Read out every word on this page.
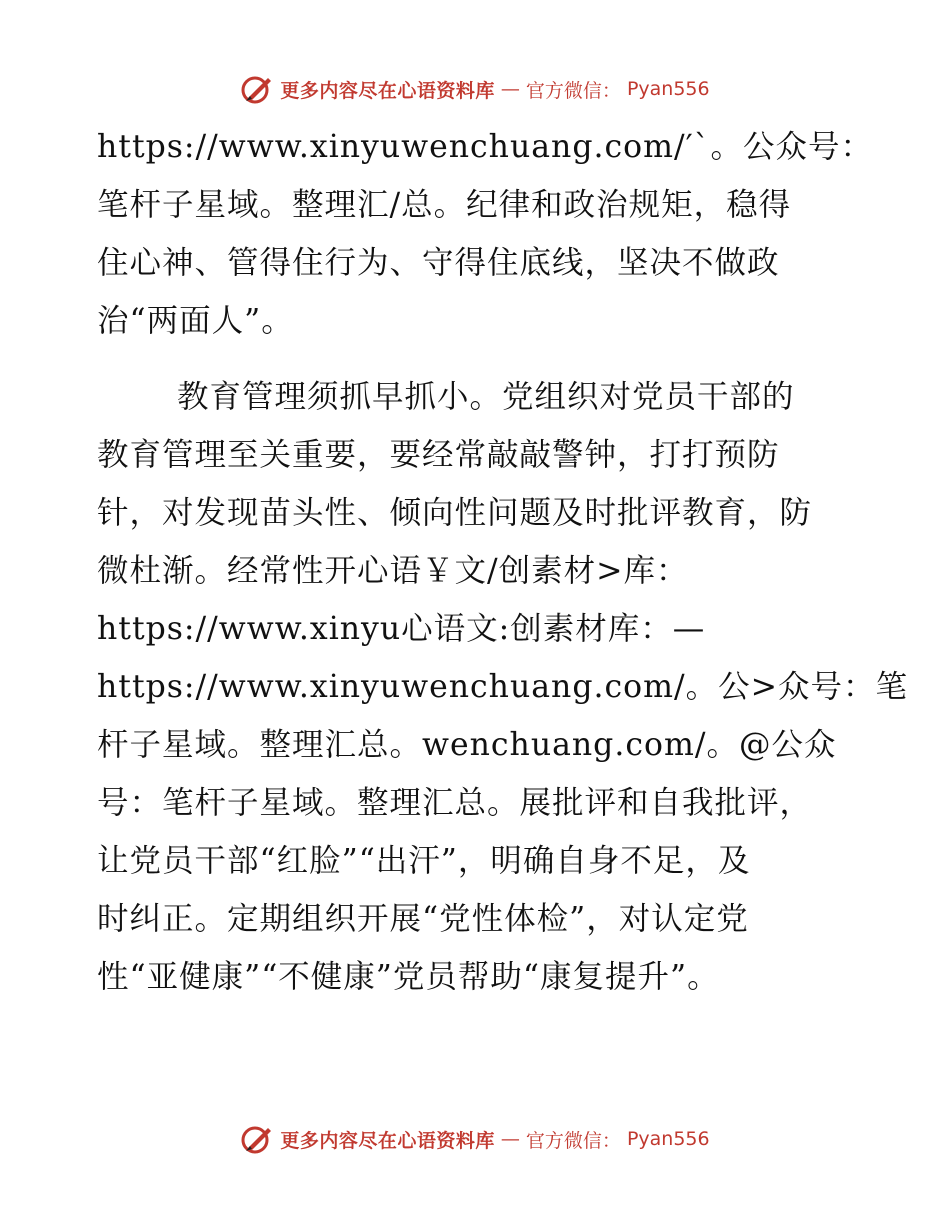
更多内容尽在心语资料库 — 官方微信： Pyan556
https://www.xinyuwenchuang.com/′`。公众号：
笔杆子星域。整理汇/总。纪律和政治规矩，稳得
住心神、管得住行为、守得住底线，坚决不做政
治“两面人”。
教育管理须抓早抓小。党组织对党员干部的
教育管理至关重要，要经常敲敲警钟，打打预防
针，对发现苗头性、倾向性问题及时批评教育，防
微杜渐。经常性开心语￥文/创素材>库：
https://www.xinyu心语文:创素材库：—
https://www.xinyuwenchuang.com/。公>众号：笔
杆子星域。整理汇总。wenchuang.com/。@公众
号：笔杆子星域。整理汇总。展批评和自我批评，
让党员干部“红脸”“出汗”，明确自身不足，及
时纠正。定期组织开展“党性体检”，对认定党
性“亚健康”“不健康”党员帮助“康复提升”。
更多内容尽在心语资料库 — 官方微信： Pyan556
